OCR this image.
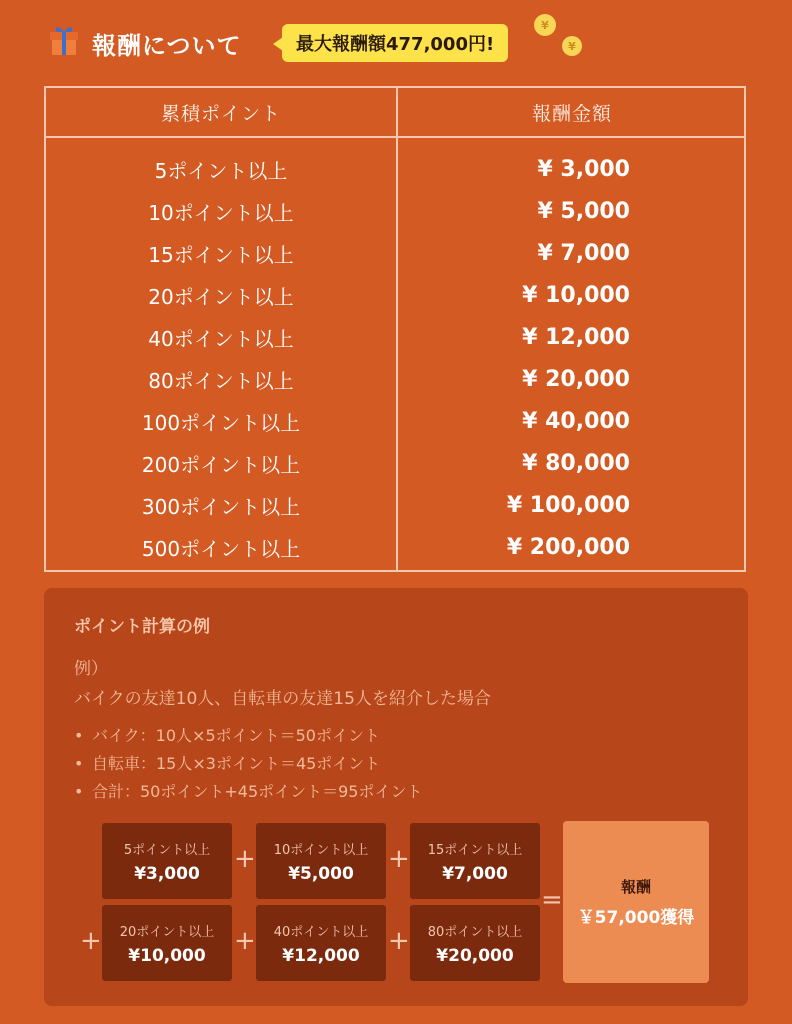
報酬について	最大報酬額477,000円!
¥
¥
累積ポイント	報酬金額
5ポイント以上	¥ 3,000
10ポイント以上	¥ 5,000
15ポイント以上	¥ 7,000
20ポイント以上	¥ 10,000
40ポイント以上	¥ 12,000
80ポイント以上	¥ 20,000
100ポイント以上	¥ 40,000
200ポイント以上	¥ 80,000
300ポイント以上	¥ 100,000
500ポイント以上	¥ 200,000
ポイント計算の例
例）
バイクの友達10人、自転車の友達15人を紹介した場合
• バイク：10人×5ポイント＝50ポイント
• 自転車：15人×3ポイント＝45ポイント
• 合計：50ポイント+45ポイント＝95ポイント
5ポイント以上
¥3,000 + 10ポイント以上
¥5,000 + 15ポイント以上
¥7,000
+ 20ポイント以上
¥10,000 + 40ポイント以上
¥12,000 + 80ポイント以上
¥20,000
=	報酬
￥57,000獲得
